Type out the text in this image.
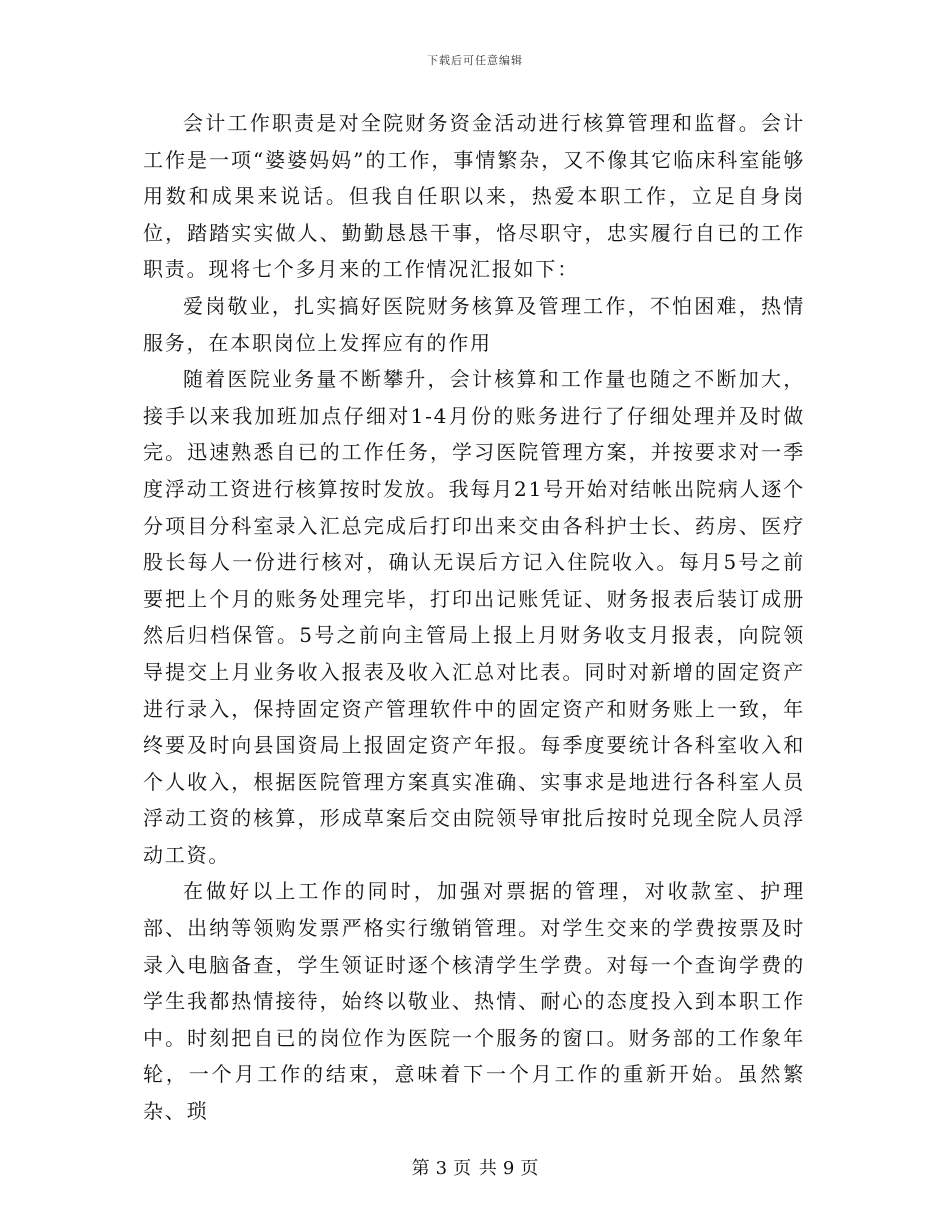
下载后可任意编辑

会计工作职责是对全院财务资金活动进行核算管理和监督。会计工作是一项“婆婆妈妈”的工作，事情繁杂，又不像其它临床科室能够用数和成果来说话。但我自任职以来，热爱本职工作，立足自身岗位，踏踏实实做人、勤勤恳恳干事，恪尽职守，忠实履行自已的工作职责。现将七个多月来的工作情况汇报如下：

爱岗敬业，扎实搞好医院财务核算及管理工作，不怕困难，热情服务，在本职岗位上发挥应有的作用

随着医院业务量不断攀升，会计核算和工作量也随之不断加大，接手以来我加班加点仔细对1-4月份的账务进行了仔细处理并及时做完。迅速熟悉自已的工作任务，学习医院管理方案，并按要求对一季度浮动工资进行核算按时发放。我每月21号开始对结帐出院病人逐个分项目分科室录入汇总完成后打印出来交由各科护士长、药房、医疗股长每人一份进行核对，确认无误后方记入住院收入。每月5号之前要把上个月的账务处理完毕，打印出记账凭证、财务报表后装订成册然后归档保管。5号之前向主管局上报上月财务收支月报表，向院领导提交上月业务收入报表及收入汇总对比表。同时对新增的固定资产进行录入，保持固定资产管理软件中的固定资产和财务账上一致，年终要及时向县国资局上报固定资产年报。每季度要统计各科室收入和个人收入，根据医院管理方案真实准确、实事求是地进行各科室人员浮动工资的核算，形成草案后交由院领导审批后按时兑现全院人员浮动工资。

在做好以上工作的同时，加强对票据的管理，对收款室、护理部、出纳等领购发票严格实行缴销管理。对学生交来的学费按票及时录入电脑备查，学生领证时逐个核清学生学费。对每一个查询学费的学生我都热情接待，始终以敬业、热情、耐心的态度投入到本职工作中。时刻把自已的岗位作为医院一个服务的窗口。财务部的工作象年轮，一个月工作的结束，意味着下一个月工作的重新开始。虽然繁杂、琐

第 3 页 共 9 页
